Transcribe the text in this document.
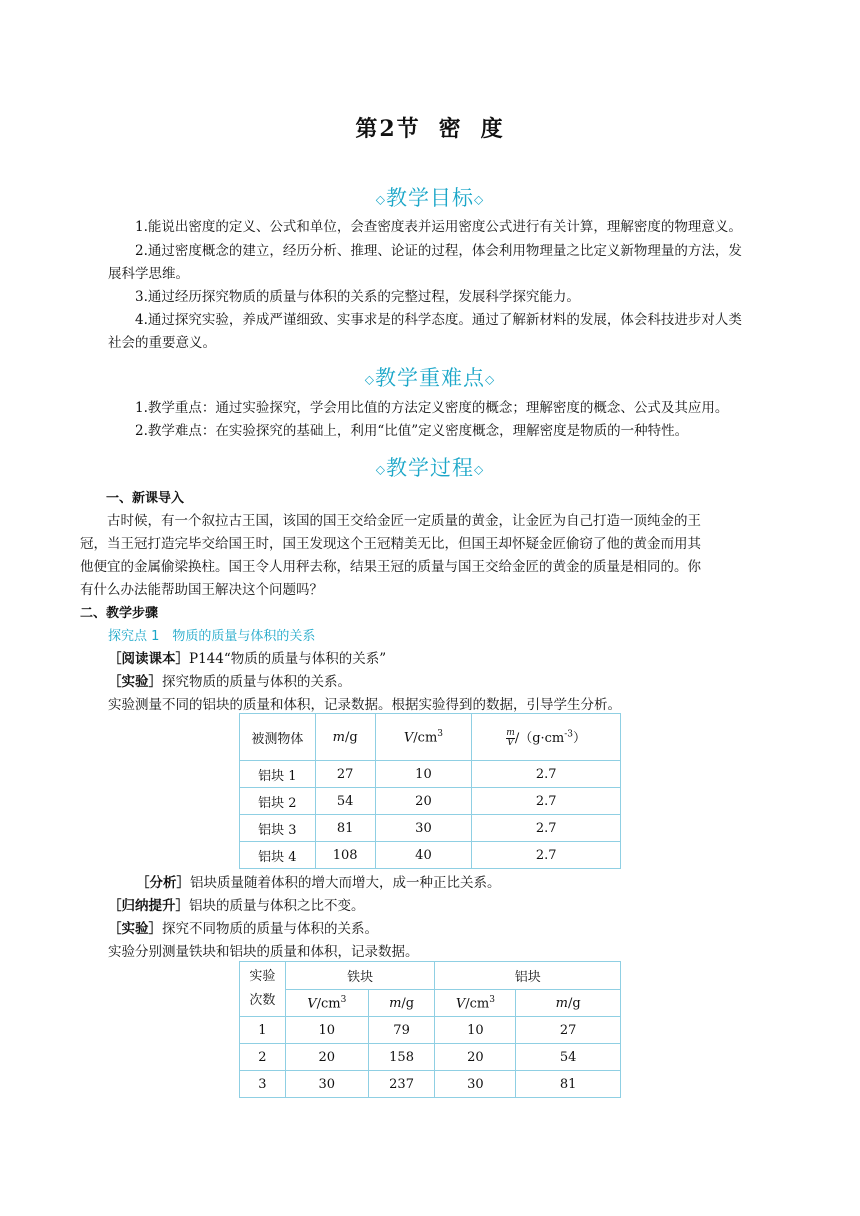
第2节 密 度
◇教学目标◇

1.能说出密度的定义、公式和单位，会查密度表并运用密度公式进行有关计算，理解密度的物理意义。

2.通过密度概念的建立，经历分析、推理、论证的过程，体会利用物理量之比定义新物理量的方法，发

展科学思维。

3.通过经历探究物质的质量与体积的关系的完整过程，发展科学探究能力。

4.通过探究实验，养成严谨细致、实事求是的科学态度。通过了解新材料的发展，体会科技进步对人类

社会的重要意义。

◇教学重难点◇

1.教学重点：通过实验探究，学会用比值的方法定义密度的概念；理解密度的概念、公式及其应用。

2.教学难点：在实验探究的基础上，利用“比值”定义密度概念，理解密度是物质的一种特性。

◇教学过程◇

一、新课导入

古时候，有一个叙拉古王国，该国的国王交给金匠一定质量的黄金，让金匠为自己打造一顶纯金的王

冠，当王冠打造完毕交给国王时，国王发现这个王冠精美无比，但国王却怀疑金匠偷窃了他的黄金而用其

他便宜的金属偷梁换柱。国王令人用秤去称，结果王冠的质量与国王交给金匠的黄金的质量是相同的。你

有什么办法能帮助国王解决这个问题吗？

二、教学步骤

探究点 1　物质的质量与体积的关系

［阅读课本］P144“物质的质量与体积的关系”

［实验］探究物质的质量与体积的关系。

实验测量不同的铝块的质量和体积，记录数据。根据实验得到的数据，引导学生分析。

被测物体	m/g	$V/cm^3$	$\frac{m}{V} /(g\cdot cm^{-3})$
铝块 1	27	10	2.7
铝块 2	54	20	2.7
铝块 3	81	30	2.7
铝块 4	108	40	2.7

［分析］铝块质量随着体积的增大而增大，成一种正比关系。

［归纳提升］铝块的质量与体积之比不变。

［实验］探究不同物质的质量与体积的关系。

实验分别测量铁块和铝块的质量和体积，记录数据。

实验
次数	铁块		铝块	
	$V/cm^3$	m/g	$V/cm^3$	m/g
1	10	79	10	27
2	20	158	20	54
3	30	237	30	81
